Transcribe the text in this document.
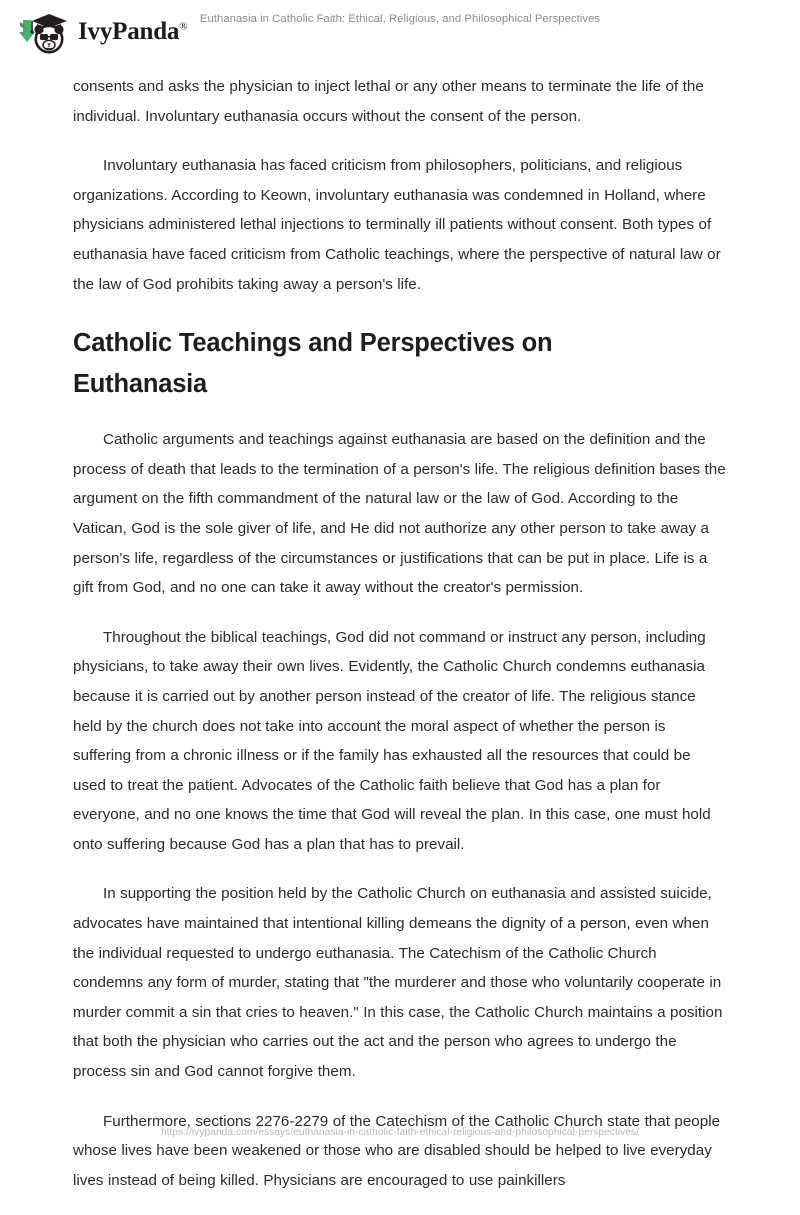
IvyPanda®
Euthanasia in Catholic Faith: Ethical, Religious, and Philosophical Perspectives

consents and asks the physician to inject lethal or any other means to terminate the life of the individual. Involuntary euthanasia occurs without the consent of the person.

Involuntary euthanasia has faced criticism from philosophers, politicians, and religious organizations. According to Keown, involuntary euthanasia was condemned in Holland, where physicians administered lethal injections to terminally ill patients without consent. Both types of euthanasia have faced criticism from Catholic teachings, where the perspective of natural law or the law of God prohibits taking away a person's life.

Catholic Teachings and Perspectives on Euthanasia

Catholic arguments and teachings against euthanasia are based on the definition and the process of death that leads to the termination of a person's life. The religious definition bases the argument on the fifth commandment of the natural law or the law of God. According to the Vatican, God is the sole giver of life, and He did not authorize any other person to take away a person's life, regardless of the circumstances or justifications that can be put in place. Life is a gift from God, and no one can take it away without the creator's permission.

Throughout the biblical teachings, God did not command or instruct any person, including physicians, to take away their own lives. Evidently, the Catholic Church condemns euthanasia because it is carried out by another person instead of the creator of life. The religious stance held by the church does not take into account the moral aspect of whether the person is suffering from a chronic illness or if the family has exhausted all the resources that could be used to treat the patient. Advocates of the Catholic faith believe that God has a plan for everyone, and no one knows the time that God will reveal the plan. In this case, one must hold onto suffering because God has a plan that has to prevail.

In supporting the position held by the Catholic Church on euthanasia and assisted suicide, advocates have maintained that intentional killing demeans the dignity of a person, even when the individual requested to undergo euthanasia. The Catechism of the Catholic Church condemns any form of murder, stating that "the murderer and those who voluntarily cooperate in murder commit a sin that cries to heaven." In this case, the Catholic Church maintains a position that both the physician who carries out the act and the person who agrees to undergo the process sin and God cannot forgive them.

Furthermore, sections 2276-2279 of the Catechism of the Catholic Church state that people whose lives have been weakened or those who are disabled should be helped to live everyday lives instead of being killed. Physicians are encouraged to use painkillers

https://ivypanda.com/essays/euthanasia-in-catholic-faith-ethical-religious-and-philosophical-perspectives/
